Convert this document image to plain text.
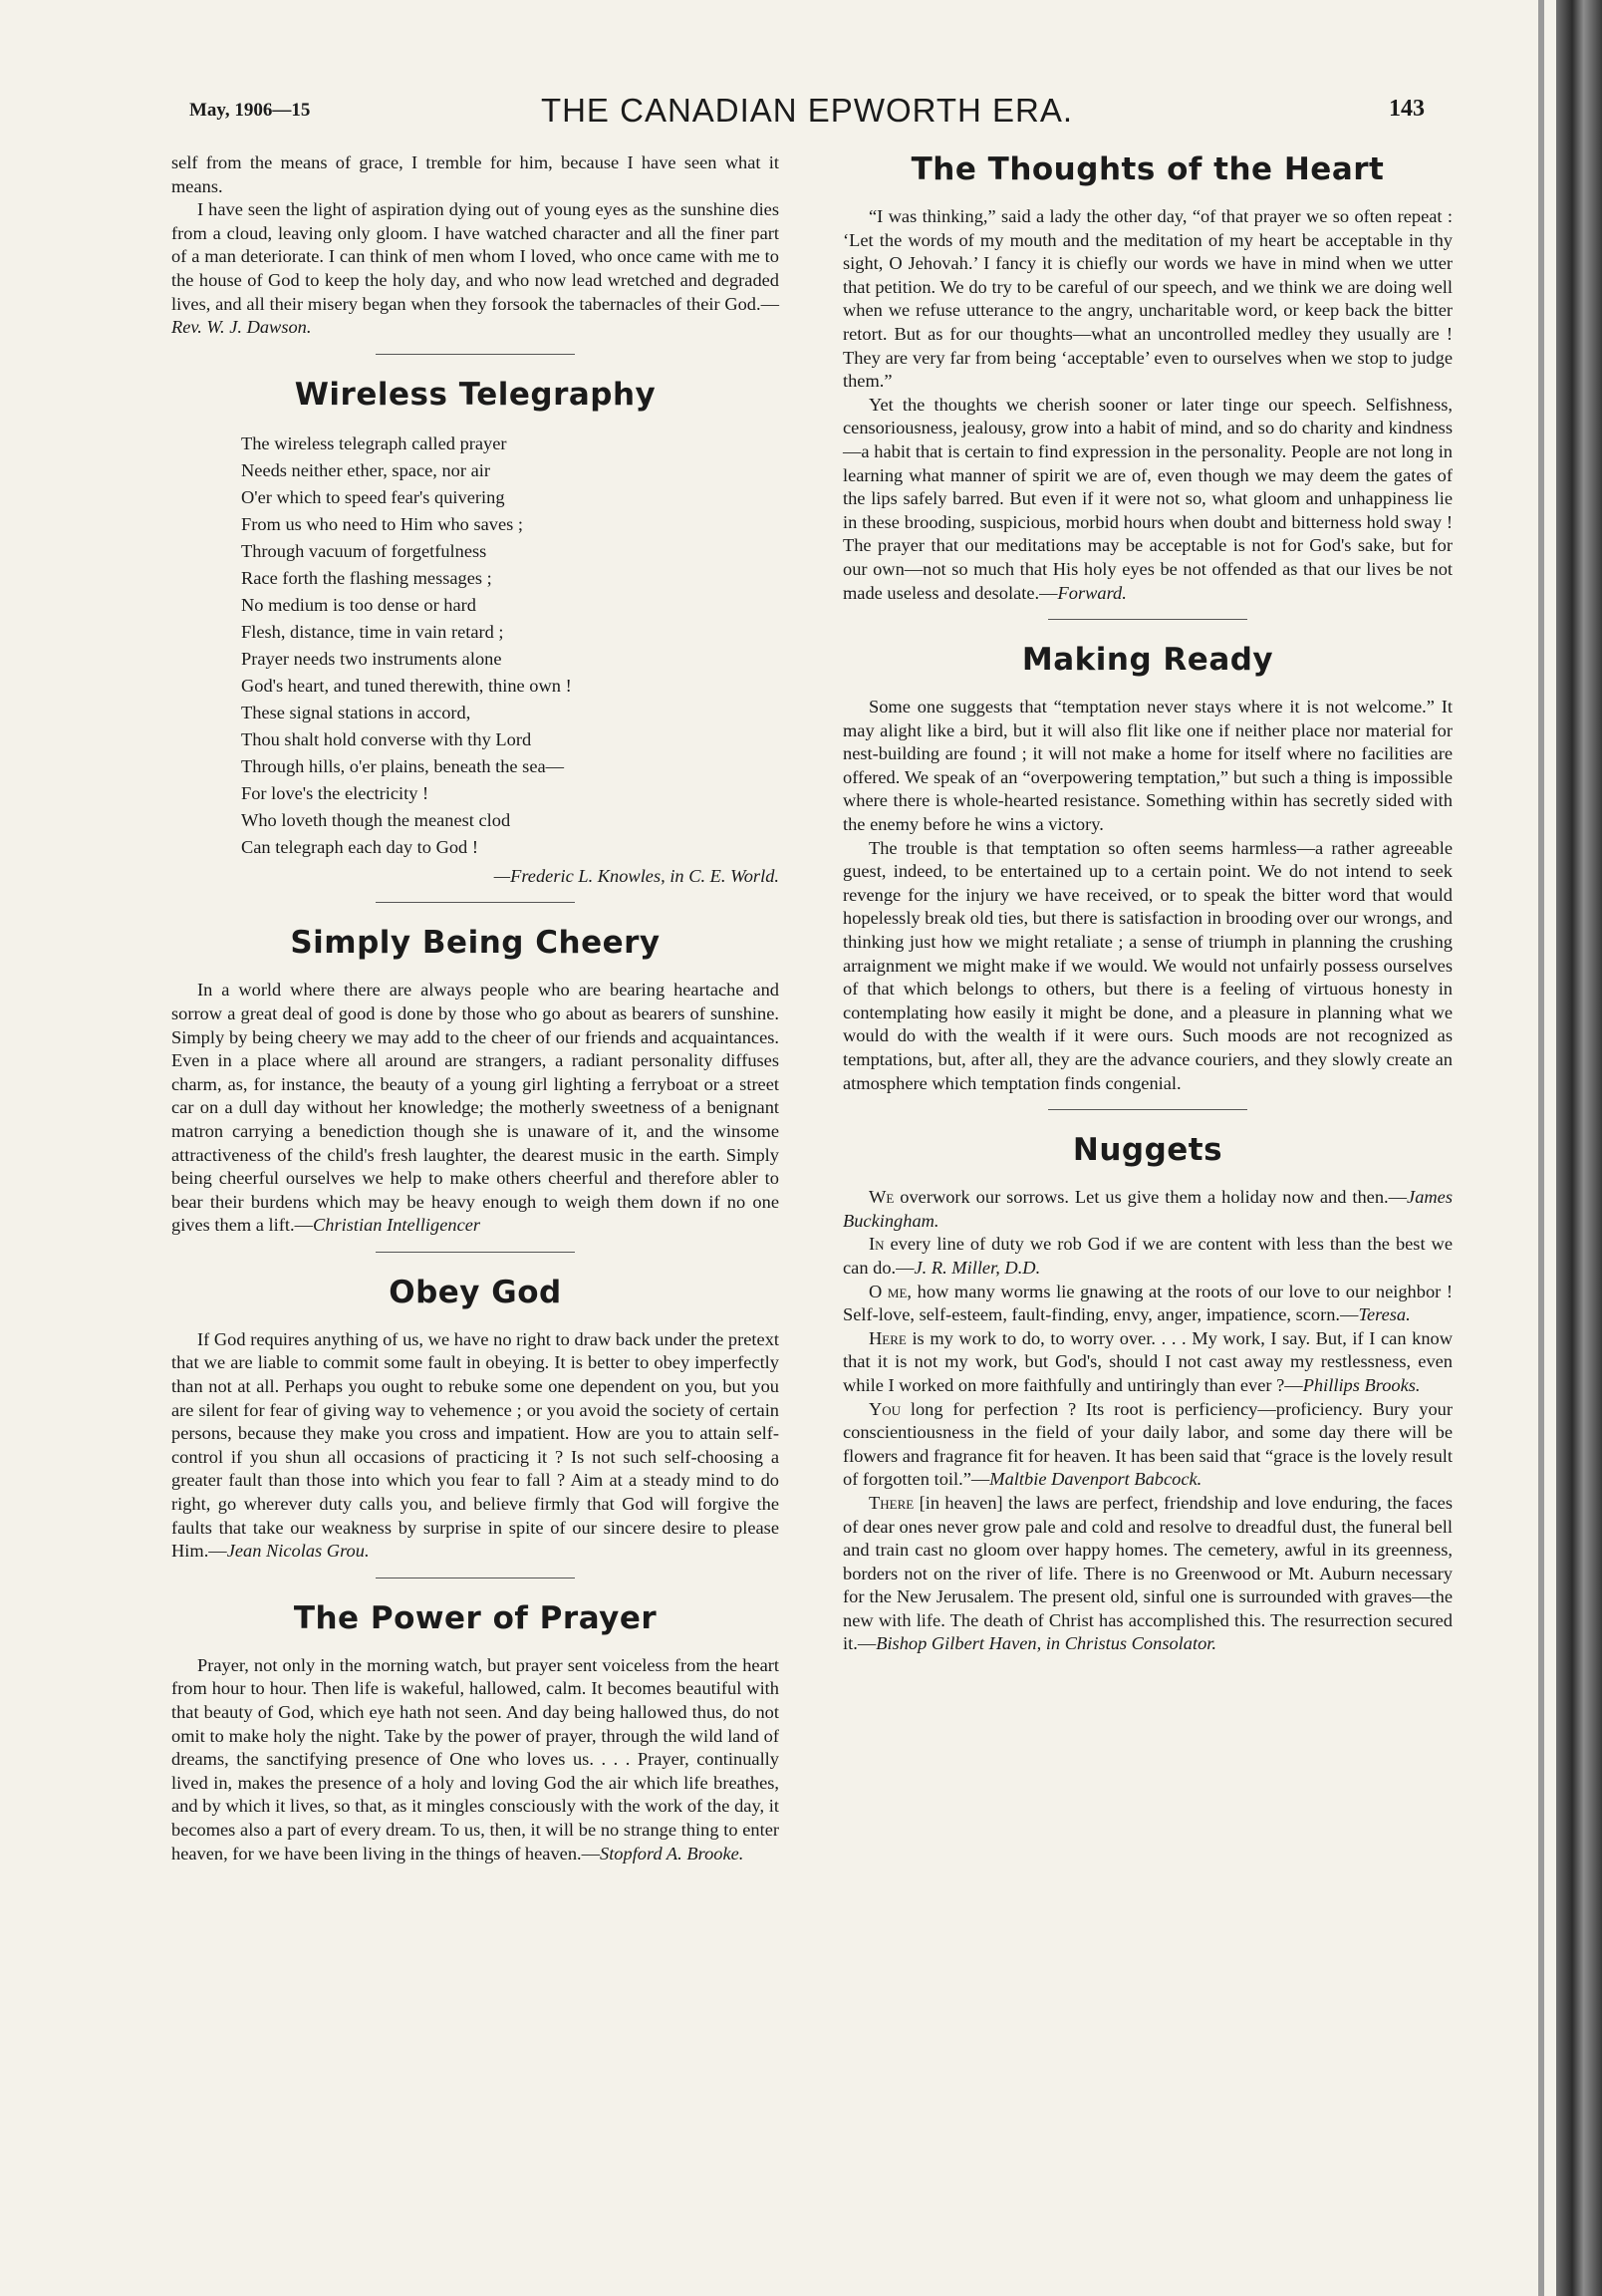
May, 1906—15	THE CANADIAN EPWORTH ERA.	143

self from the means of grace, I tremble for him, because I have seen what it means.

I have seen the light of aspiration dying out of young eyes as the sunshine dies from a cloud, leaving only gloom. I have watched character and all the finer part of a man deteriorate. I can think of men whom I loved, who once came with me to the house of God to keep the holy day, and who now lead wretched and degraded lives, and all their misery began when they forsook the tabernacles of their God.—Rev. W. J. Dawson.

Wireless Telegraphy
The wireless telegraph called prayer
Needs neither ether, space, nor air
O'er which to speed fear's quivering
From us who need to Him who saves ;
Through vacuum of forgetfulness
Race forth the flashing messages ;
No medium is too dense or hard
Flesh, distance, time in vain retard ;
Prayer needs two instruments alone
God's heart, and tuned therewith, thine own !
These signal stations in accord,
Thou shalt hold converse with thy Lord
Through hills, o'er plains, beneath the sea—
For love's the electricity !
Who loveth though the meanest clod
Can telegraph each day to God !
—Frederic L. Knowles, in C. E. World.
Simply Being Cheery

In a world where there are always people who are bearing heartache and sorrow a great deal of good is done by those who go about as bearers of sunshine. Simply by being cheery we may add to the cheer of our friends and acquaintances. Even in a place where all around are strangers, a radiant personality diffuses charm, as, for instance, the beauty of a young girl lighting a ferryboat or a street car on a dull day without her knowledge; the motherly sweetness of a benignant matron carrying a benediction though she is unaware of it, and the winsome attractiveness of the child's fresh laughter, the dearest music in the earth. Simply being cheerful ourselves we help to make others cheerful and therefore abler to bear their burdens which may be heavy enough to weigh them down if no one gives them a lift.—Christian Intelligencer

Obey God

If God requires anything of us, we have no right to draw back under the pretext that we are liable to commit some fault in obeying. It is better to obey imperfectly than not at all. Perhaps you ought to rebuke some one dependent on you, but you are silent for fear of giving way to vehemence ; or you avoid the society of certain persons, because they make you cross and impatient. How are you to attain self-control if you shun all occasions of practicing it ? Is not such self-choosing a greater fault than those into which you fear to fall ? Aim at a steady mind to do right, go wherever duty calls you, and believe firmly that God will forgive the faults that take our weakness by surprise in spite of our sincere desire to please Him.—Jean Nicolas Grou.

The Power of Prayer

Prayer, not only in the morning watch, but prayer sent voiceless from the heart from hour to hour. Then life is wakeful, hallowed, calm. It becomes beautiful with that beauty of God, which eye hath not seen. And day being hallowed thus, do not omit to make holy the night. Take by the power of prayer, through the wild land of dreams, the sanctifying presence of One who loves us. . . . Prayer, continually lived in, makes the presence of a holy and loving God the air which life breathes, and by which it lives, so that, as it mingles consciously with the work of the day, it becomes also a part of every dream. To us, then, it will be no strange thing to enter heaven, for we have been living in the things of heaven.—Stopford A. Brooke.

The Thoughts of the Heart

“I was thinking,” said a lady the other day, “of that prayer we so often repeat : ‘Let the words of my mouth and the meditation of my heart be acceptable in thy sight, O Jehovah.’ I fancy it is chiefly our words we have in mind when we utter that petition. We do try to be careful of our speech, and we think we are doing well when we refuse utterance to the angry, uncharitable word, or keep back the bitter retort. But as for our thoughts—what an uncontrolled medley they usually are ! They are very far from being ‘acceptable’ even to ourselves when we stop to judge them.”

Yet the thoughts we cherish sooner or later tinge our speech. Selfishness, censoriousness, jealousy, grow into a habit of mind, and so do charity and kindness—a habit that is certain to find expression in the personality. People are not long in learning what manner of spirit we are of, even though we may deem the gates of the lips safely barred. But even if it were not so, what gloom and unhappiness lie in these brooding, suspicious, morbid hours when doubt and bitterness hold sway ! The prayer that our meditations may be acceptable is not for God's sake, but for our own—not so much that His holy eyes be not offended as that our lives be not made useless and desolate.—Forward.

Making Ready

Some one suggests that “temptation never stays where it is not welcome.” It may alight like a bird, but it will also flit like one if neither place nor material for nest-building are found ; it will not make a home for itself where no facilities are offered. We speak of an “overpowering temptation,” but such a thing is impossible where there is whole-hearted resistance. Something within has secretly sided with the enemy before he wins a victory.

The trouble is that temptation so often seems harmless—a rather agreeable guest, indeed, to be entertained up to a certain point. We do not intend to seek revenge for the injury we have received, or to speak the bitter word that would hopelessly break old ties, but there is satisfaction in brooding over our wrongs, and thinking just how we might retaliate ; a sense of triumph in planning the crushing arraignment we might make if we would. We would not unfairly possess ourselves of that which belongs to others, but there is a feeling of virtuous honesty in contemplating how easily it might be done, and a pleasure in planning what we would do with the wealth if it were ours. Such moods are not recognized as temptations, but, after all, they are the advance couriers, and they slowly create an atmosphere which temptation finds congenial.

Nuggets

We overwork our sorrows. Let us give them a holiday now and then.—James Buckingham.

In every line of duty we rob God if we are content with less than the best we can do.—J. R. Miller, D.D.

O me, how many worms lie gnawing at the roots of our love to our neighbor ! Self-love, self-esteem, fault-finding, envy, anger, impatience, scorn.—Teresa.

Here is my work to do, to worry over. . . . My work, I say. But, if I can know that it is not my work, but God's, should I not cast away my restlessness, even while I worked on more faithfully and untiringly than ever ?—Phillips Brooks.

You long for perfection ? Its root is perficiency—proficiency. Bury your conscientiousness in the field of your daily labor, and some day there will be flowers and fragrance fit for heaven. It has been said that “grace is the lovely result of forgotten toil.”—Maltbie Davenport Babcock.

There [in heaven] the laws are perfect, friendship and love enduring, the faces of dear ones never grow pale and cold and resolve to dreadful dust, the funeral bell and train cast no gloom over happy homes. The cemetery, awful in its greenness, borders not on the river of life. There is no Greenwood or Mt. Auburn necessary for the New Jerusalem. The present old, sinful one is surrounded with graves—the new with life. The death of Christ has accomplished this. The resurrection secured it.—Bishop Gilbert Haven, in Christus Consolator.
